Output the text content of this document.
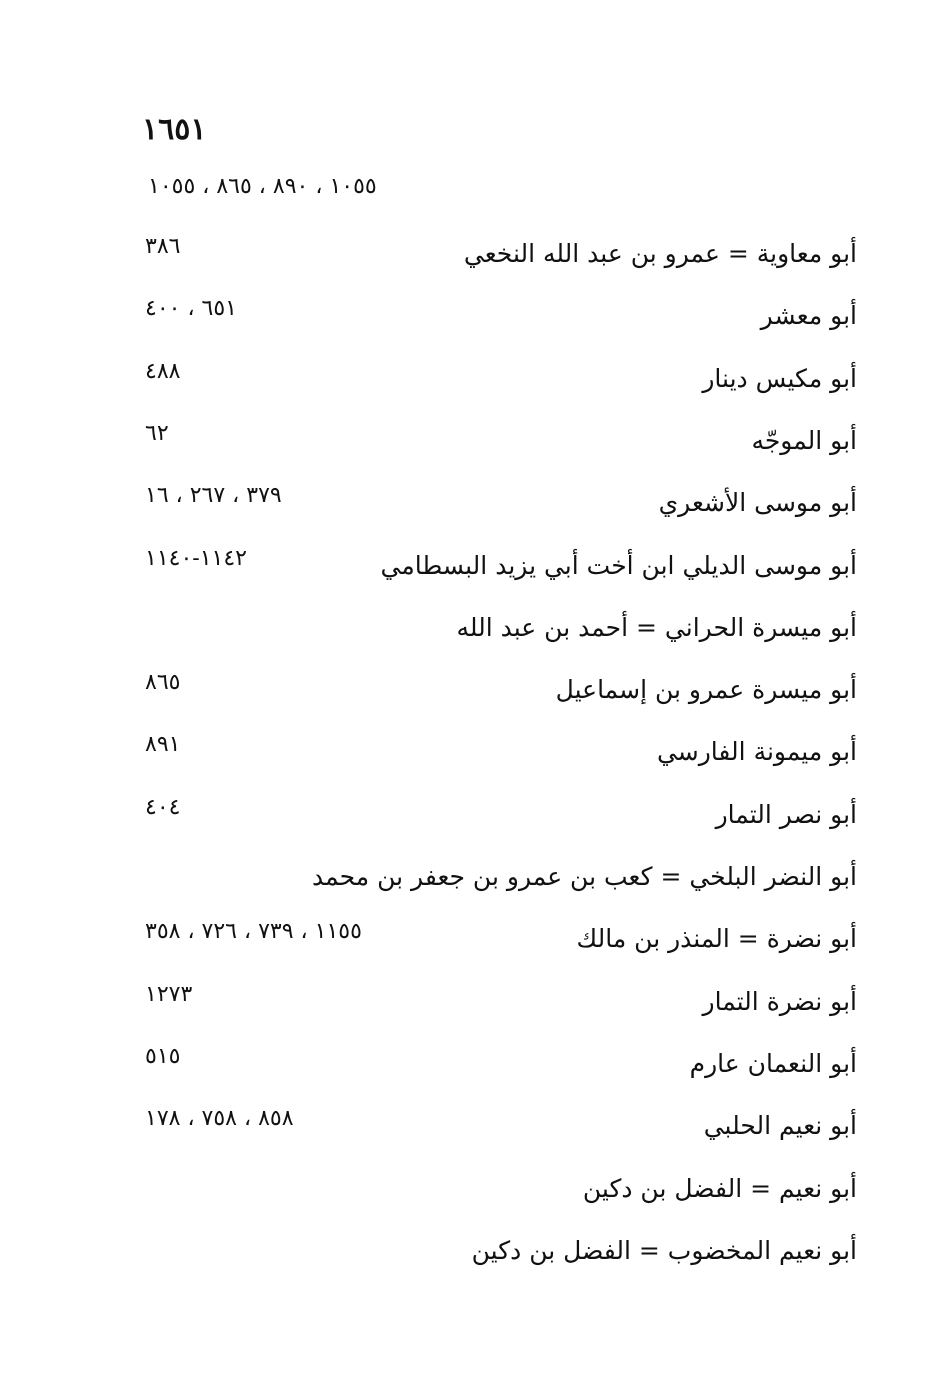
١٦٥١
١٠٥٥ ، ٨٩٠ ، ٨٦٥ ، ١٠٥٥
أبو معاوية = عمرو بن عبد الله النخعي
٣٨٦
أبو معشر
٦٥١ ، ٤٠٠
أبو مكيس دينار
٤٨٨
أبو الموجّه
٦٢
أبو موسى الأشعري
٣٧٩ ، ٢٦٧ ، ١٦
أبو موسى الديلي ابن أخت أبي يزيد البسطامي
١١٤٢-١١٤٠
أبو ميسرة الحراني = أحمد بن عبد الله
أبو ميسرة عمرو بن إسماعيل
٨٦٥
أبو ميمونة الفارسي
٨٩١
أبو نصر التمار
٤٠٤
أبو النضر البلخي = كعب بن عمرو بن جعفر بن محمد
أبو نضرة = المنذر بن مالك
١١٥٥ ، ٧٣٩ ، ٧٢٦ ، ٣٥٨
أبو نضرة التمار
١٢٧٣
أبو النعمان عارم
٥١٥
أبو نعيم الحلبي
٨٥٨ ، ٧٥٨ ، ١٧٨
أبو نعيم = الفضل بن دكين
أبو نعيم المخضوب = الفضل بن دكين
